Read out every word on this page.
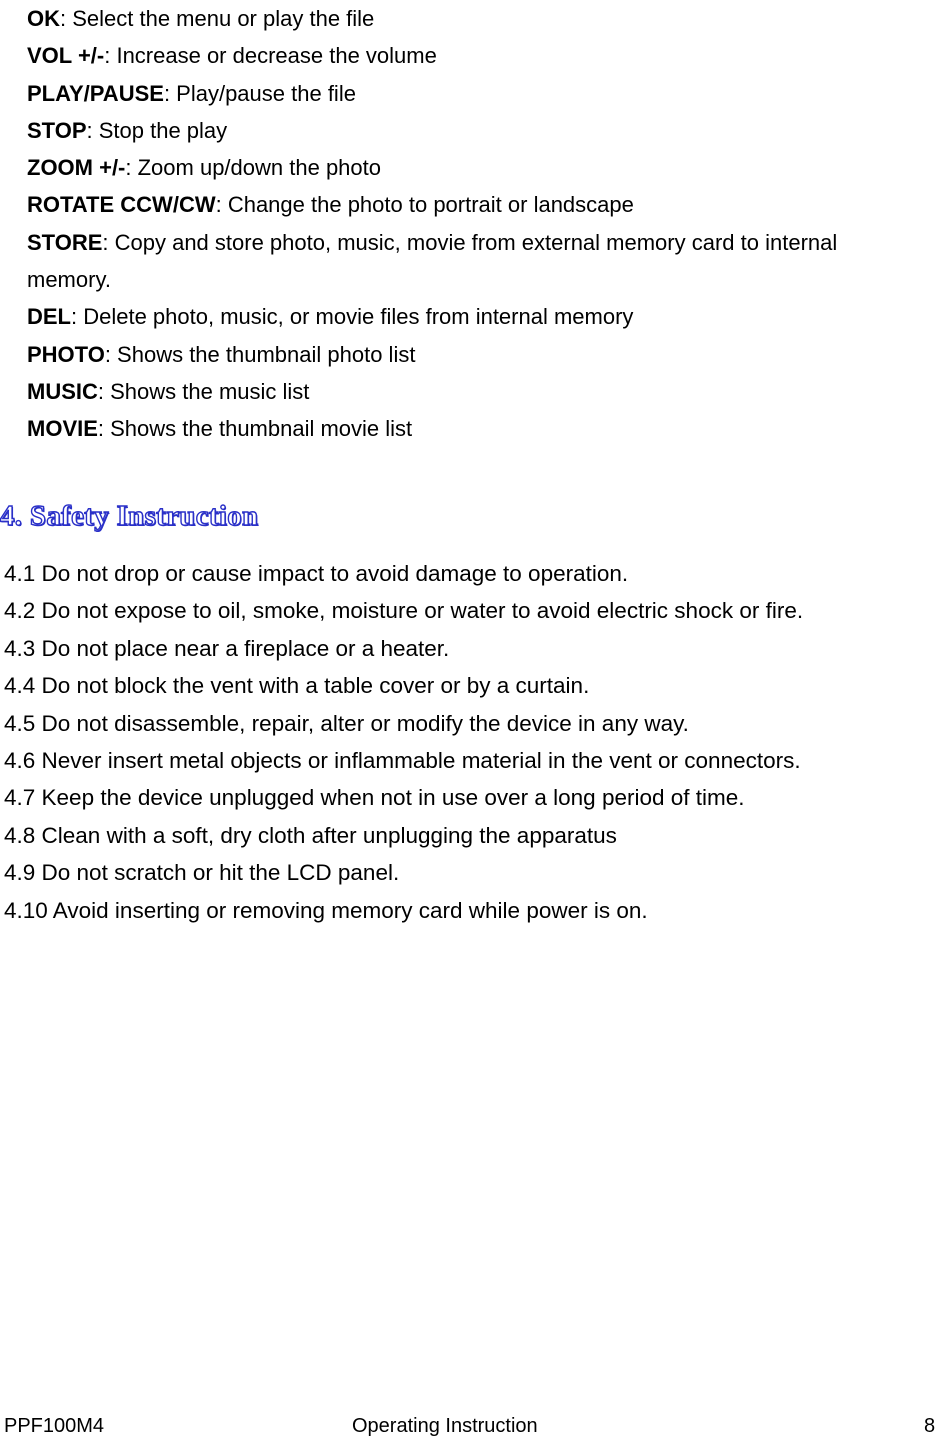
OK: Select the menu or play the file
VOL +/-: Increase or decrease the volume
PLAY/PAUSE: Play/pause the file
STOP: Stop the play
ZOOM +/-: Zoom up/down the photo
ROTATE CCW/CW: Change the photo to portrait or landscape
STORE: Copy and store photo, music, movie from external memory card to internal memory.
DEL: Delete photo, music, or movie files from internal memory
PHOTO: Shows the thumbnail photo list
MUSIC: Shows the music list
MOVIE: Shows the thumbnail movie list
4. Safety Instruction
4.1 Do not drop or cause impact to avoid damage to operation.
4.2 Do not expose to oil, smoke, moisture or water to avoid electric shock or fire.
4.3 Do not place near a fireplace or a heater.
4.4 Do not block the vent with a table cover or by a curtain.
4.5 Do not disassemble, repair, alter or modify the device in any way.
4.6 Never insert metal objects or inflammable material in the vent or connectors.
4.7 Keep the device unplugged when not in use over a long period of time.
4.8 Clean with a soft, dry cloth after unplugging the apparatus
4.9 Do not scratch or hit the LCD panel.
4.10 Avoid inserting or removing memory card while power is on.
PPF100M4	Operating Instruction	8
